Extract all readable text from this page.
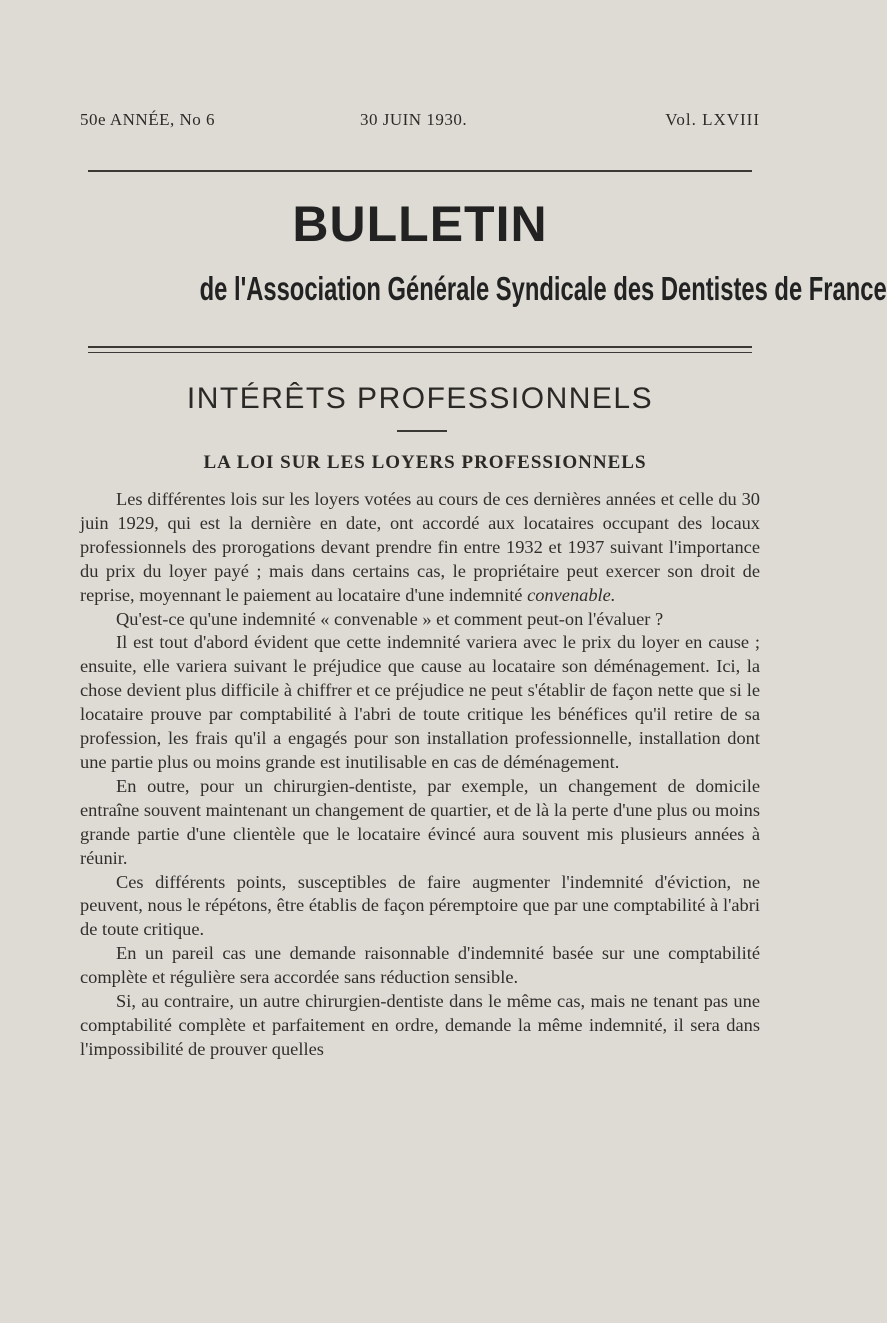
50e ANNÉE, No 6	30 JUIN 1930.	Vol. LXVIII
BULLETIN
de l'Association Générale Syndicale des Dentistes de France
INTÉRÊTS PROFESSIONNELS
LA LOI SUR LES LOYERS PROFESSIONNELS

Les différentes lois sur les loyers votées au cours de ces dernières années et celle du 30 juin 1929, qui est la dernière en date, ont accordé aux locataires occupant des locaux professionnels des prorogations devant prendre fin entre 1932 et 1937 suivant l'importance du prix du loyer payé ; mais dans certains cas, le propriétaire peut exercer son droit de reprise, moyennant le paiement au locataire d'une indemnité convenable.

Qu'est-ce qu'une indemnité « convenable » et comment peut-on l'évaluer ?

Il est tout d'abord évident que cette indemnité variera avec le prix du loyer en cause ; ensuite, elle variera suivant le préjudice que cause au locataire son déménagement. Ici, la chose devient plus difficile à chiffrer et ce préjudice ne peut s'établir de façon nette que si le locataire prouve par comptabilité à l'abri de toute critique les bénéfices qu'il retire de sa profession, les frais qu'il a engagés pour son installation professionnelle, installation dont une partie plus ou moins grande est inutilisable en cas de déménagement.

En outre, pour un chirurgien-dentiste, par exemple, un changement de domicile entraîne souvent maintenant un changement de quartier, et de là la perte d'une plus ou moins grande partie d'une clientèle que le locataire évincé aura souvent mis plusieurs années à réunir.

Ces différents points, susceptibles de faire augmenter l'indemnité d'éviction, ne peuvent, nous le répétons, être établis de façon péremptoire que par une comptabilité à l'abri de toute critique.

En un pareil cas une demande raisonnable d'indemnité basée sur une comptabilité complète et régulière sera accordée sans réduction sensible.

Si, au contraire, un autre chirurgien-dentiste dans le même cas, mais ne tenant pas une comptabilité complète et parfaitement en ordre, demande la même indemnité, il sera dans l'impossibilité de prouver quelles
